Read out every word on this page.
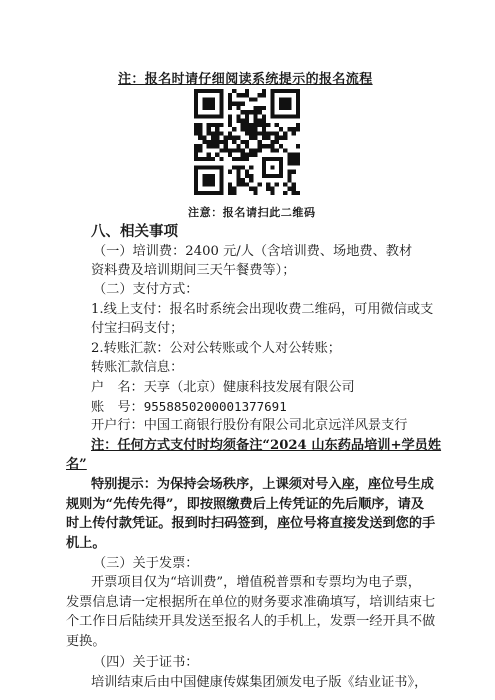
注：报名时请仔细阅读系统提示的报名流程
注意：报名请扫此二维码
八、相关事项
（一）培训费：2400 元/人（含培训费、场地费、教材
资料费及培训期间三天午餐费等）；
（二）支付方式：
1.线上支付：报名时系统会出现收费二维码，可用微信或支
付宝扫码支付；
2.转账汇款：公对公转账或个人对公转账；
转账汇款信息：
户　名：天享（北京）健康科技发展有限公司
账　号：955885020000137769​1
开户行：中国工商银行股份有限公司北京远洋风景支行
注：任何方式支付时均须备注“2024 山东药品培训+学员姓
名”
特别提示：为保持会场秩序，上课须对号入座，座位号生成
规则为“先传先得”，即按照缴费后上传凭证的先后顺序，请及
时上传付款凭证。报到时扫码签到，座位号将直接发送到您的手
机上。
（三）关于发票：
开票项目仅为“培训费”，增值税普票和专票均为电子票，
发票信息请一定根据所在单位的财务要求准确填写，培训结束七
个工作日后陆续开具发送至报名人的手机上，发票一经开具不做
更换。
（四）关于证书：
培训结束后由中国健康传媒集团颁发电子版《结业证书》，
